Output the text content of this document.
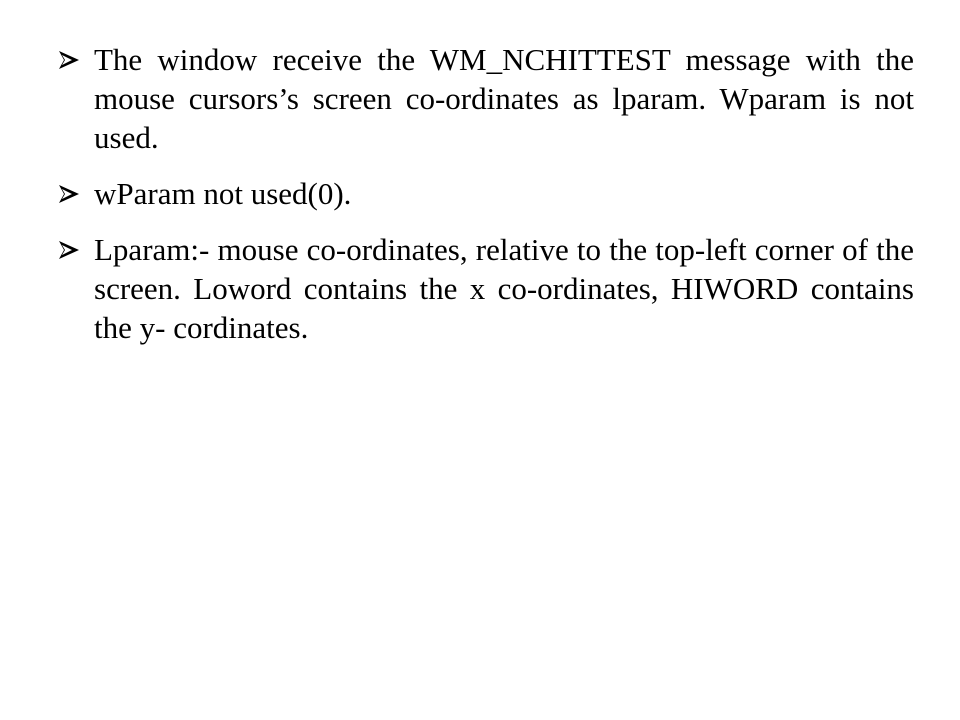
The window receive the WM_NCHITTEST message with the mouse cursors’s screen co-ordinates as lparam. Wparam is not used.
wParam not used(0).
Lparam:- mouse co-ordinates, relative to the top-left corner of the screen. Loword contains the x co-ordinates, HIWORD contains the y- cordinates.
